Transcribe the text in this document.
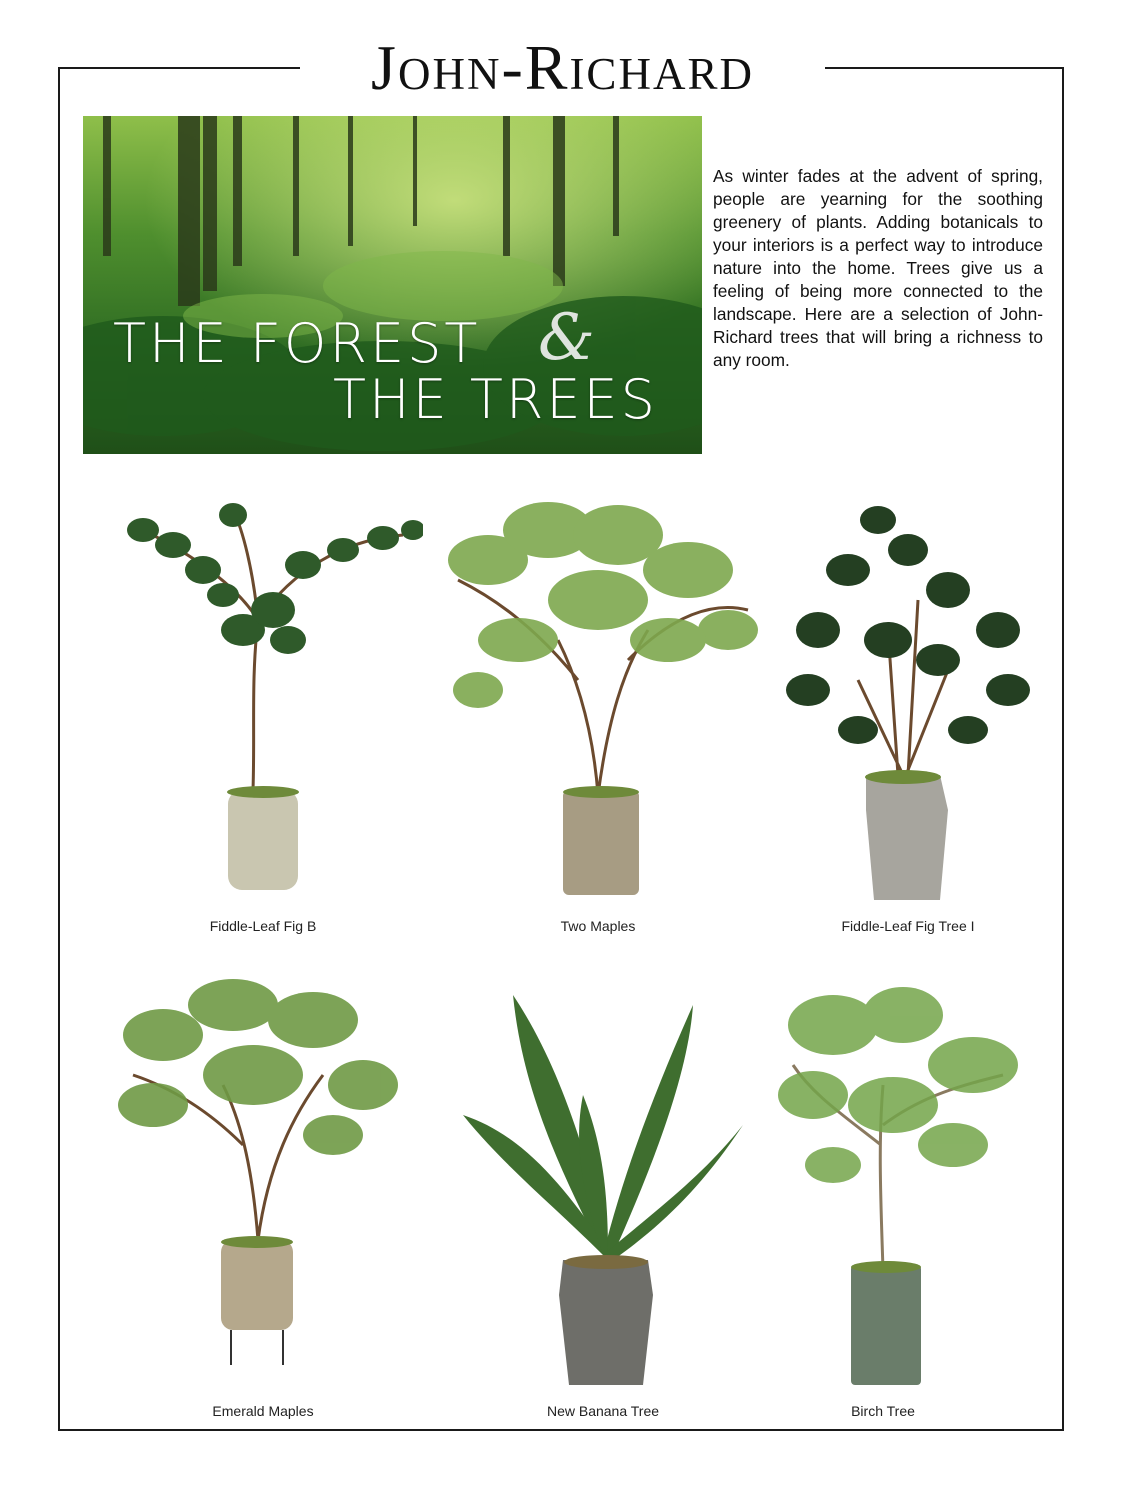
John-Richard
THE FOREST
THE TREES
&
As winter fades at the advent of spring, people are yearning for the soothing greenery of plants. Adding botanicals to your interiors is a perfect way to introduce nature into the home. Trees give us a feeling of being more connected to the landscape. Here are a selection of John-Richard trees that will bring a richness to any room.
Fiddle-Leaf Fig B	Two Maples	Fiddle-Leaf Fig Tree I
Emerald Maples	New Banana Tree	Birch Tree
